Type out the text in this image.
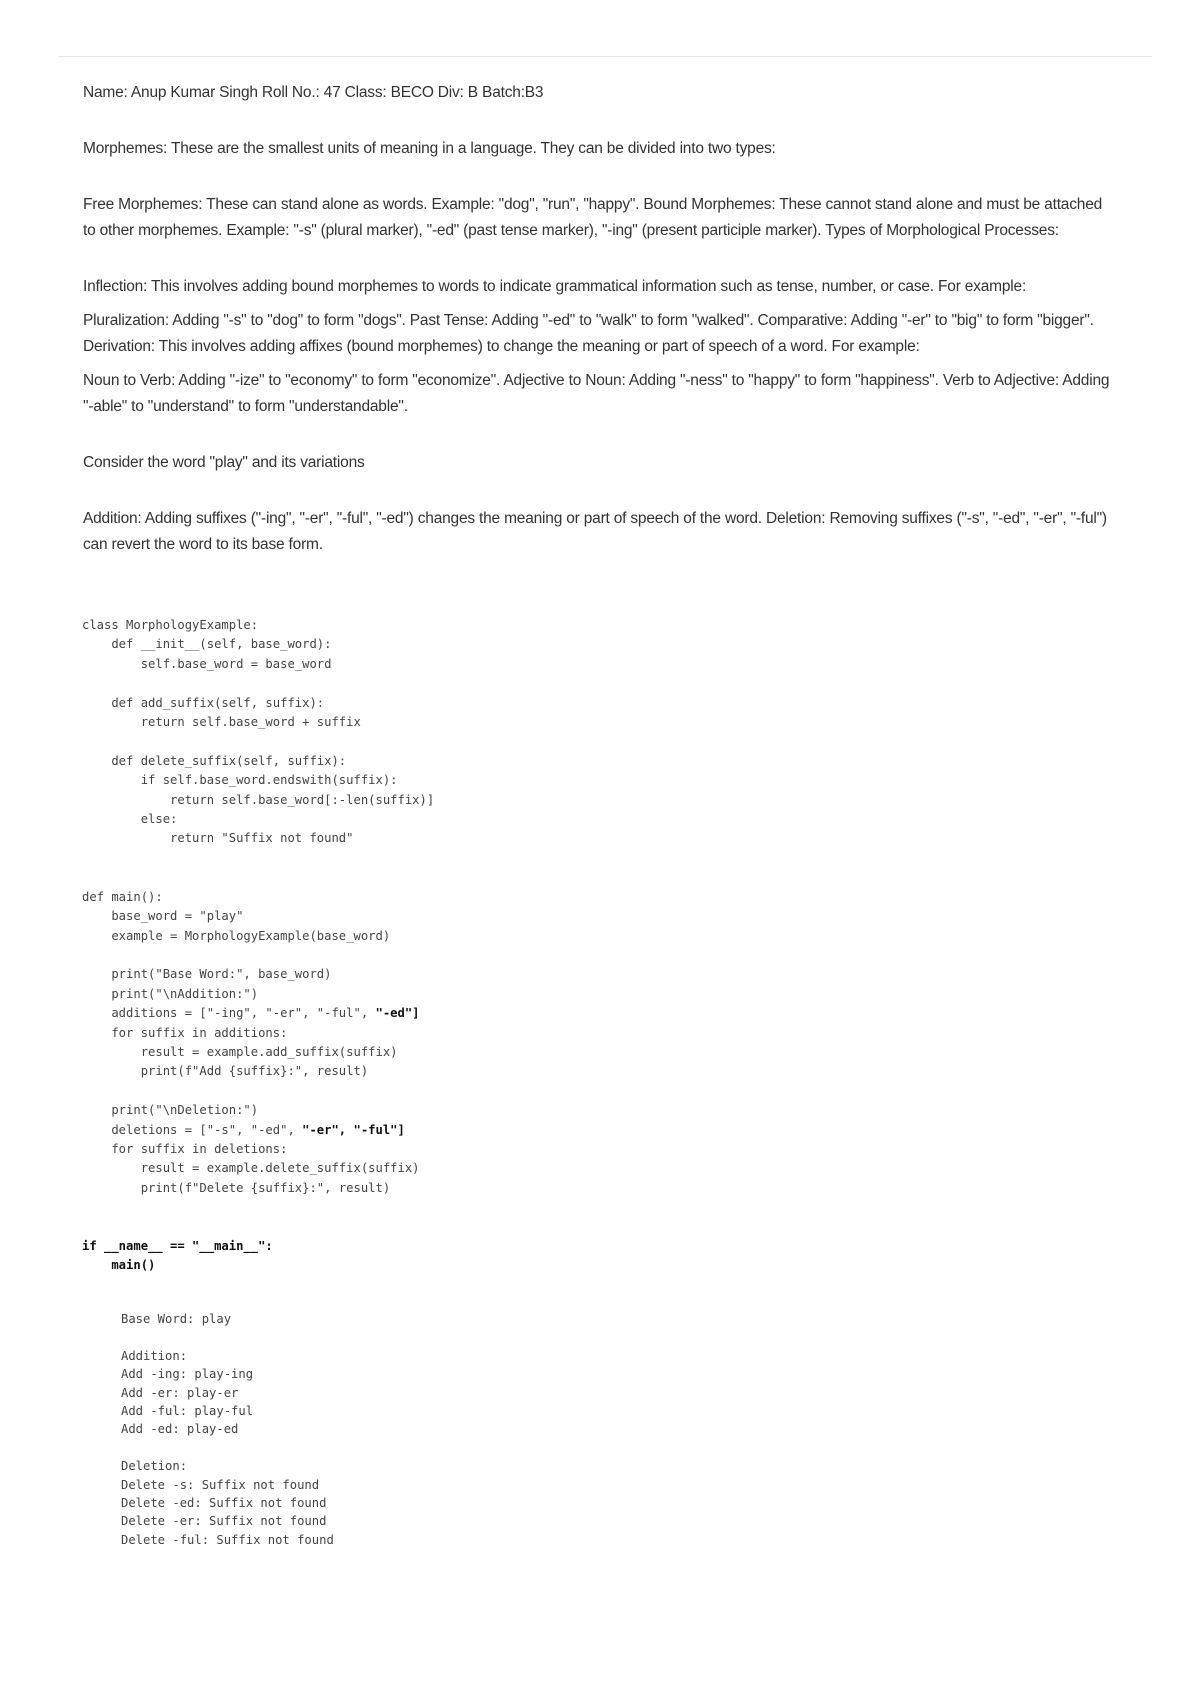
Name: Anup Kumar Singh Roll No.: 47 Class: BECO Div: B Batch:B3

Morphemes: These are the smallest units of meaning in a language. They can be divided into two types:

Free Morphemes: These can stand alone as words. Example: "dog", "run", "happy". Bound Morphemes: These cannot stand alone and must be attached to other morphemes. Example: "-s" (plural marker), "-ed" (past tense marker), "-ing" (present participle marker). Types of Morphological Processes:

Inflection: This involves adding bound morphemes to words to indicate grammatical information such as tense, number, or case. For example:

Pluralization: Adding "-s" to "dog" to form "dogs". Past Tense: Adding "-ed" to "walk" to form "walked". Comparative: Adding "-er" to "big" to form "bigger". Derivation: This involves adding affixes (bound morphemes) to change the meaning or part of speech of a word. For example:

Noun to Verb: Adding "-ize" to "economy" to form "economize". Adjective to Noun: Adding "-ness" to "happy" to form "happiness". Verb to Adjective: Adding "-able" to "understand" to form "understandable".

Consider the word "play" and its variations

Addition: Adding suffixes ("-ing", "-er", "-ful", "-ed") changes the meaning or part of speech of the word. Deletion: Removing suffixes ("-s", "-ed", "-er", "-ful") can revert the word to its base form.

class MorphologyExample:
def __init__(self, base_word):
self.base_word = base_word

def add_suffix(self, suffix):
return self.base_word + suffix

def delete_suffix(self, suffix):
if self.base_word.endswith(suffix):
return self.base_word[:-len(suffix)]
else:
return "Suffix not found"

def main():
base_word = "play"
example = MorphologyExample(base_word)

print("Base Word:", base_word)
print("\nAddition:")
additions = ["-ing", "-er", "-ful", "-ed"]
for suffix in additions:
result = example.add_suffix(suffix)
print(f"Add {suffix}:", result)

print("\nDeletion:")
deletions = ["-s", "-ed", "-er", "-ful"]
for suffix in deletions:
result = example.delete_suffix(suffix)
print(f"Delete {suffix}:", result)

if __name__ == "__main__":
main()
Base Word: play
Addition:
Add -ing: play-ing
Add -er: play-er
Add -ful: play-ful
Add -ed: play-ed
Deletion:
Delete -s: Suffix not found
Delete -ed: Suffix not found
Delete -er: Suffix not found
Delete -ful: Suffix not found
